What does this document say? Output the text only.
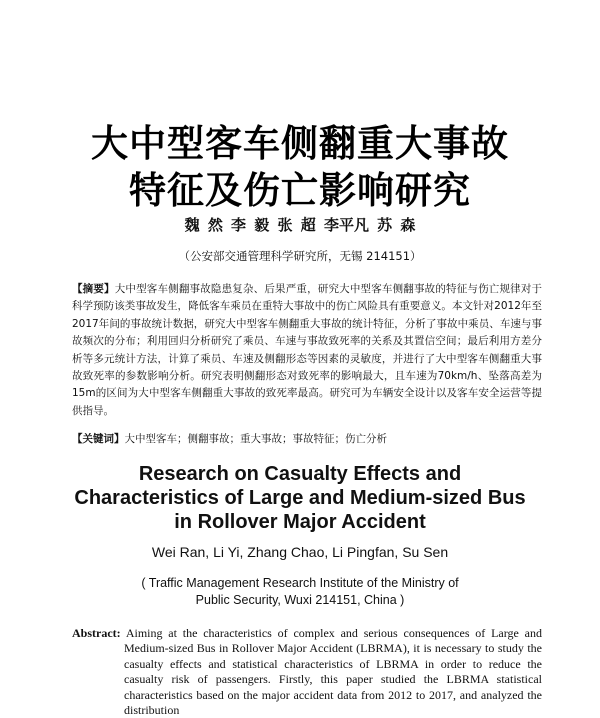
大中型客车侧翻重大事故
特征及伤亡影响研究
魏 然 李 毅 张 超 李平凡 苏 森
（公安部交通管理科学研究所，无锡 214151）
【摘要】大中型客车侧翻事故隐患复杂、后果严重，研究大中型客车侧翻事故的特征与伤亡规律对于科学预防该类事故发生，降低客车乘员在重特大事故中的伤亡风险具有重要意义。本文针对2012年至2017年间的事故统计数据，研究大中型客车侧翻重大事故的统计特征，分析了事故中乘员、车速与事故频次的分布；利用回归分析研究了乘员、车速与事故致死率的关系及其置信空间；最后利用方差分析等多元统计方法，计算了乘员、车速及侧翻形态等因素的灵敏度，并进行了大中型客车侧翻重大事故致死率的参数影响分析。研究表明侧翻形态对致死率的影响最大，且车速为70km/h、坠落高差为15m的区间为大中型客车侧翻重大事故的致死率最高。研究可为车辆安全设计以及客车安全运营等提供指导。
【关键词】大中型客车；侧翻事故；重大事故；事故特征；伤亡分析
Research on Casualty Effects and
Characteristics of Large and Medium-sized Bus
in Rollover Major Accident
Wei Ran, Li Yi, Zhang Chao, Li Pingfan, Su Sen
( Traffic Management Research Institute of the Ministry of
Public Security, Wuxi 214151, China )
Abstract: Aiming at the characteristics of complex and serious consequences of Large and Medium-sized Bus in Rollover Major Accident (LBRMA), it is necessary to study the casualty effects and statistical characteristics of LBRMA in order to reduce the casualty risk of passengers. Firstly, this paper studied the LBRMA statistical characteristics based on the major accident data from 2012 to 2017, and analyzed the distribution
